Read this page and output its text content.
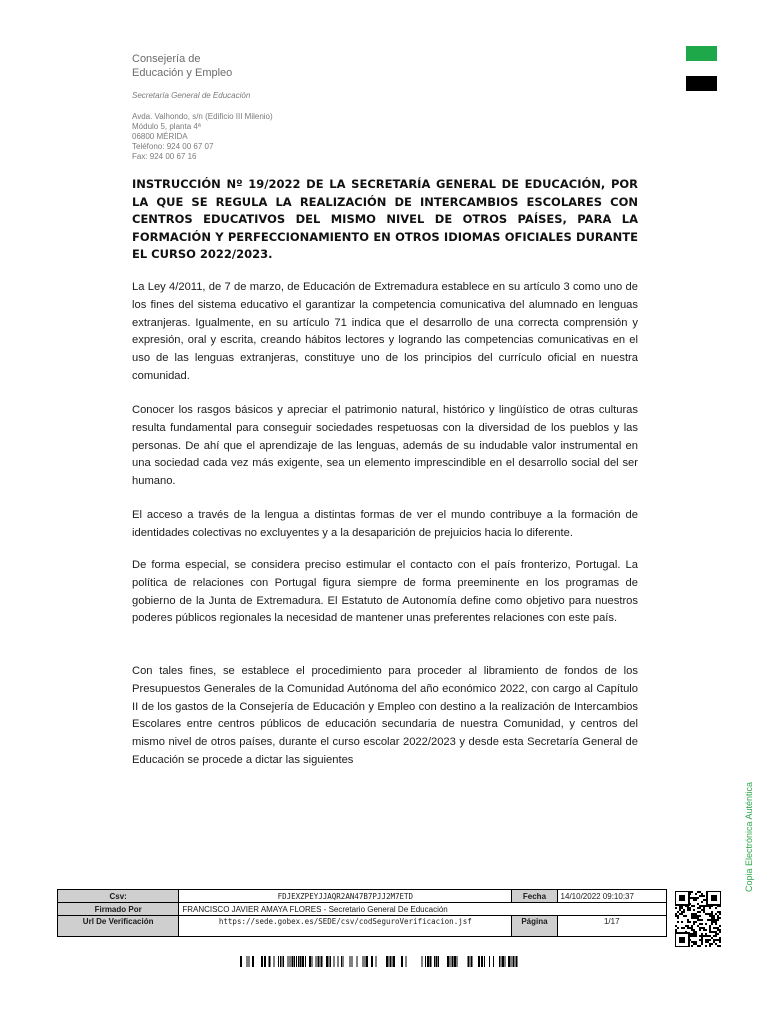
Consejería de
Educación y Empleo
Secretaría General de Educación
Avda. Valhondo, s/n (Edificio III Milenio)
Módulo 5, planta 4ª
06800 MÉRIDA
Teléfono: 924 00 67 07
Fax: 924 00 67 16

INSTRUCCIÓN Nº 19/2022 DE LA SECRETARÍA GENERAL DE EDUCACIÓN, POR LA QUE SE REGULA LA REALIZACIÓN DE INTERCAMBIOS ESCOLARES CON CENTROS EDUCATIVOS DEL MISMO NIVEL DE OTROS PAÍSES, PARA LA FORMACIÓN Y PERFECCIONAMIENTO EN OTROS IDIOMAS OFICIALES DURANTE EL CURSO 2022/2023.

La Ley 4/2011, de 7 de marzo, de Educación de Extremadura establece en su artículo 3 como uno de los fines del sistema educativo el garantizar la competencia comunicativa del alumnado en lenguas extranjeras. Igualmente, en su artículo 71 indica que el desarrollo de una correcta comprensión y expresión, oral y escrita, creando hábitos lectores y logrando las competencias comunicativas en el uso de las lenguas extranjeras, constituye uno de los principios del currículo oficial en nuestra comunidad.

Conocer los rasgos básicos y apreciar el patrimonio natural, histórico y lingüístico de otras culturas resulta fundamental para conseguir sociedades respetuosas con la diversidad de los pueblos y las personas. De ahí que el aprendizaje de las lenguas, además de su indudable valor instrumental en una sociedad cada vez más exigente, sea un elemento imprescindible en el desarrollo social del ser humano.

El acceso a través de la lengua a distintas formas de ver el mundo contribuye a la formación de identidades colectivas no excluyentes y a la desaparición de prejuicios hacia lo diferente.

De forma especial, se considera preciso estimular el contacto con el país fronterizo, Portugal. La política de relaciones con Portugal figura siempre de forma preeminente en los programas de gobierno de la Junta de Extremadura. El Estatuto de Autonomía define como objetivo para nuestros poderes públicos regionales la necesidad de mantener unas preferentes relaciones con este país.

Con tales fines, se establece el procedimiento para proceder al libramiento de fondos de los Presupuestos Generales de la Comunidad Autónoma del año económico 2022, con cargo al Capítulo II de los gastos de la Consejería de Educación y Empleo con destino a la realización de Intercambios Escolares entre centros públicos de educación secundaria de nuestra Comunidad, y centros del mismo nivel de otros países, durante el curso escolar 2022/2023 y desde esta Secretaría General de Educación se procede a dictar las siguientes

Copia Electrónica Auténtica
Csv:	FDJEXZPEYJJAQR2AN47B7PJJ2M7ETD	Fecha	14/10/2022 09:10:37
Firmado Por	FRANCISCO JAVIER AMAYA FLORES - Secretario General De Educación		
Url De Verificación	https://sede.gobex.es/SEDE/csv/codSeguroVerificacion.jsf	Página	1/17
